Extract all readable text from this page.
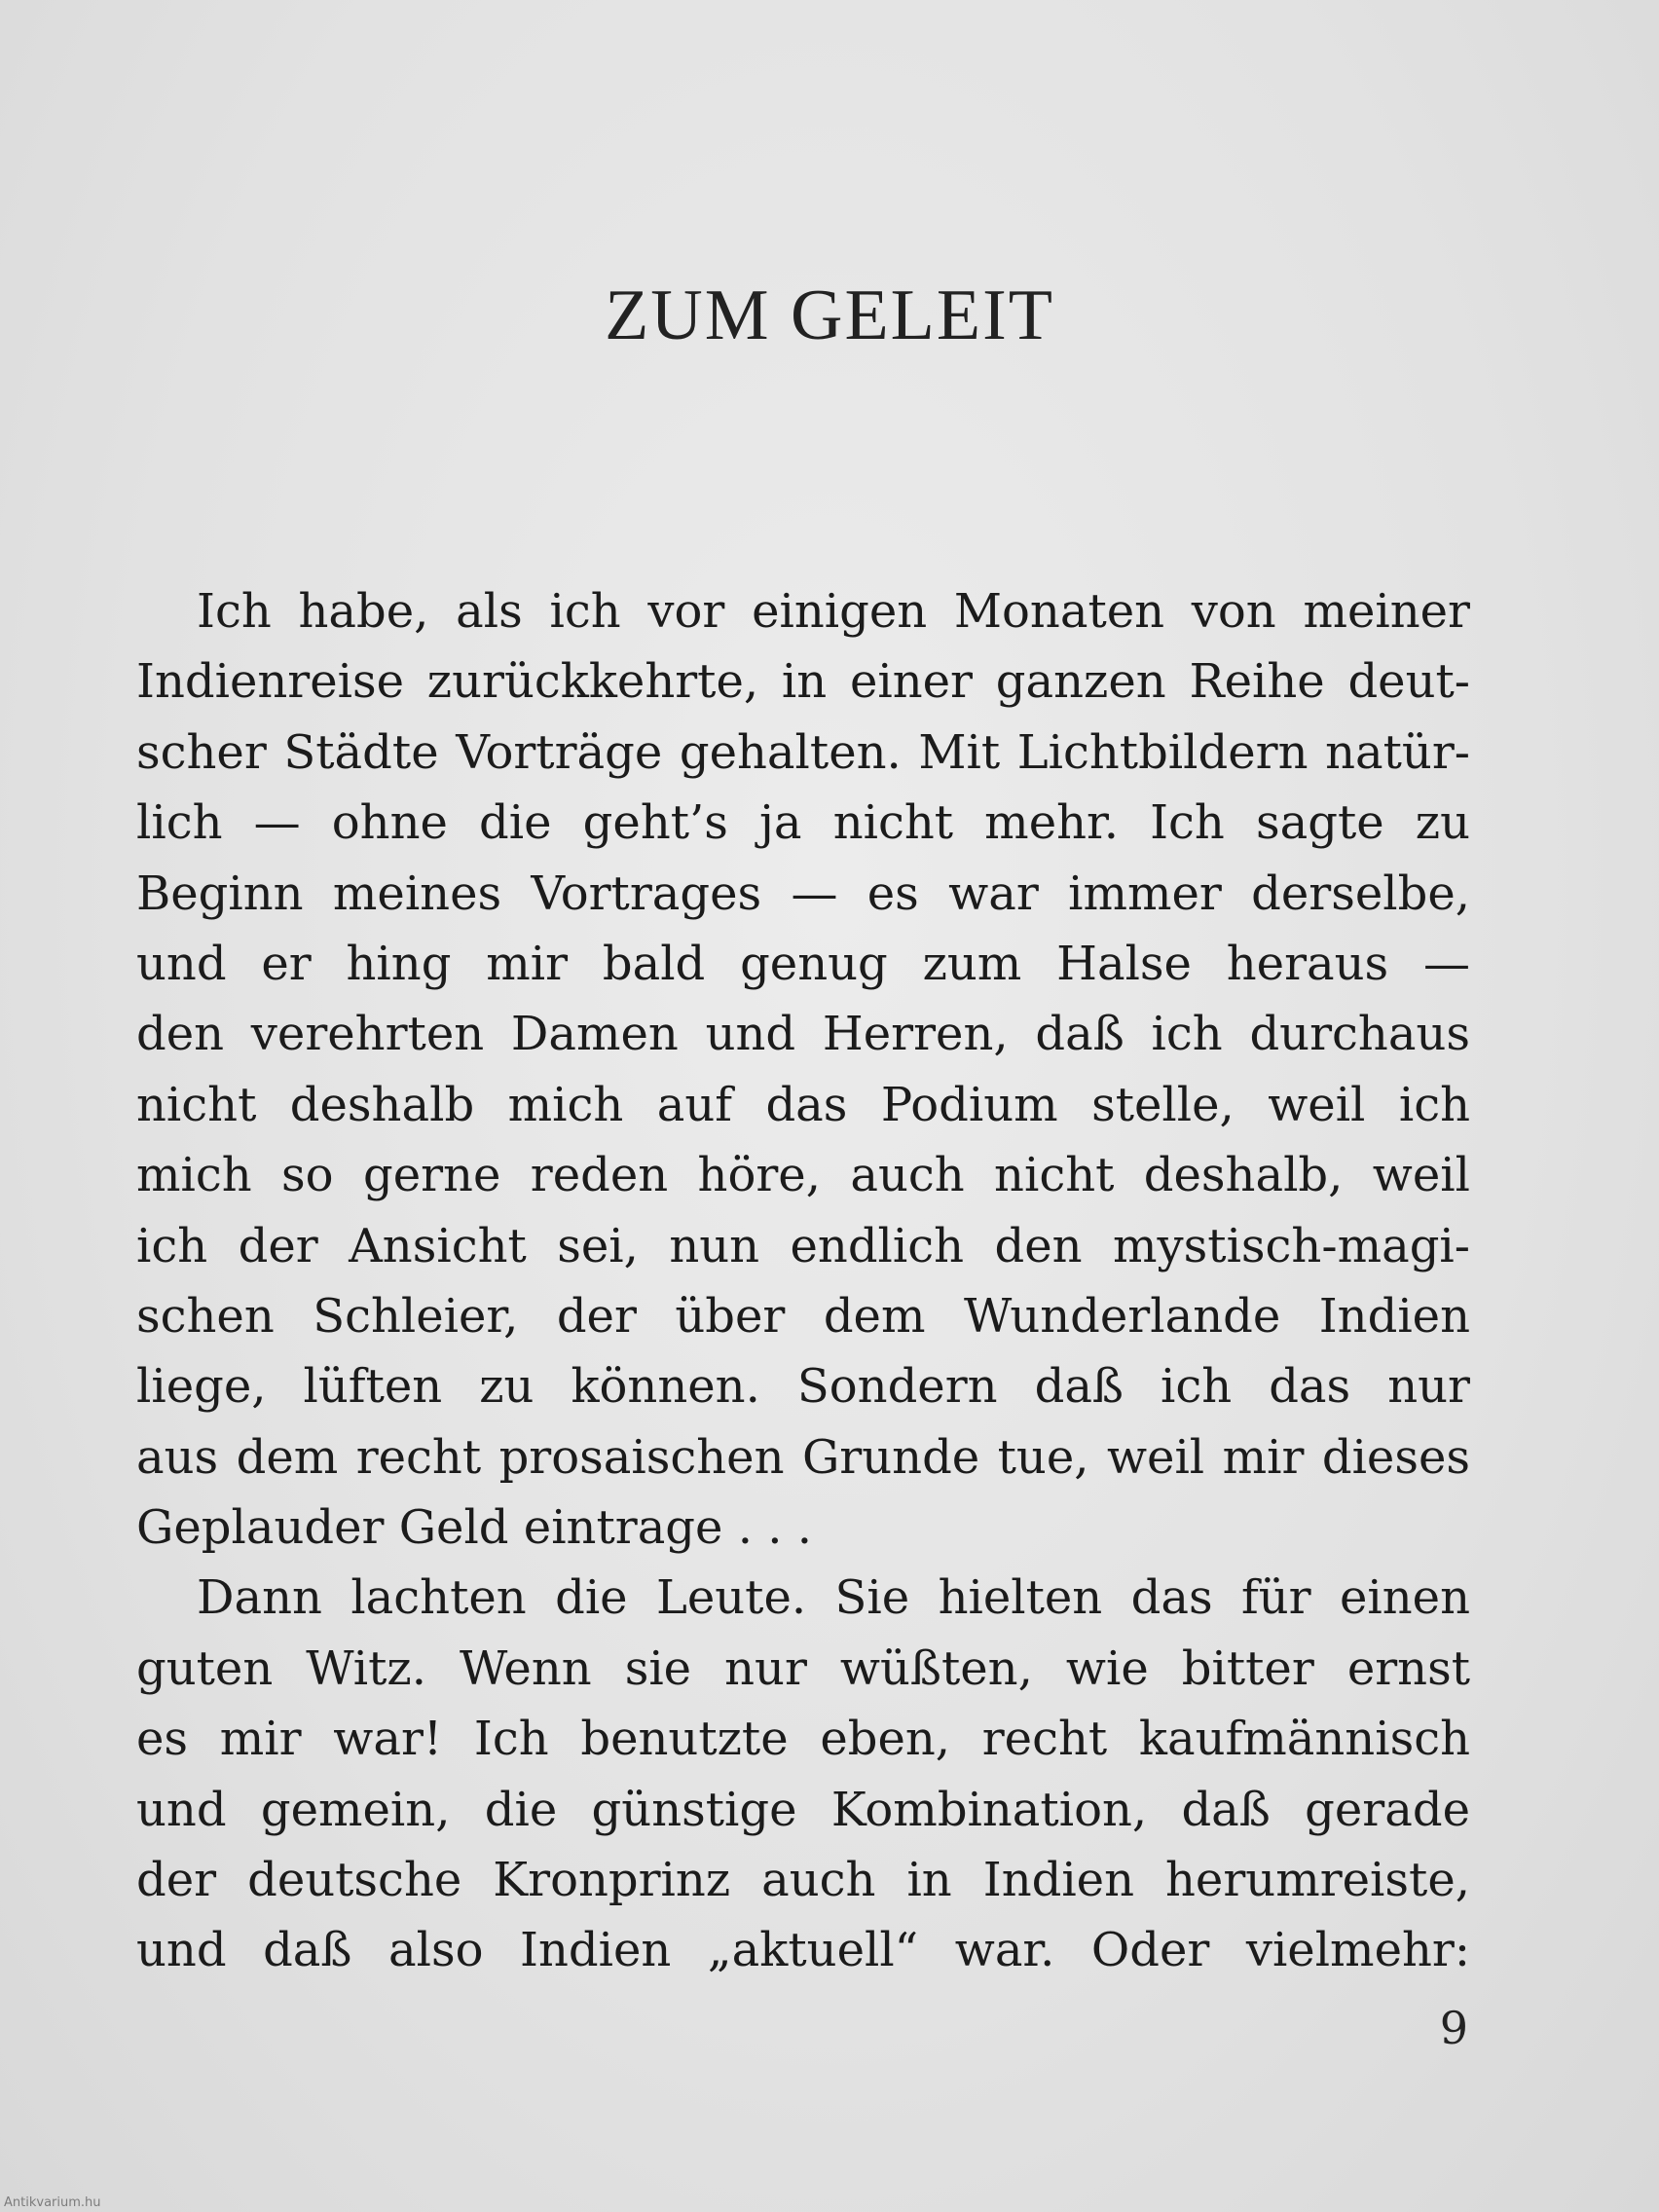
ZUM GELEIT
Ich habe, als ich vor einigen Monaten von meiner
Indienreise zurückkehrte, in einer ganzen Reihe deut-
scher Städte Vorträge gehalten. Mit Lichtbildern natür-
lich — ohne die geht’s ja nicht mehr. Ich sagte zu
Beginn meines Vortrages — es war immer derselbe,
und er hing mir bald genug zum Halse heraus —
den verehrten Damen und Herren, daß ich durchaus
nicht deshalb mich auf das Podium stelle, weil ich
mich so gerne reden höre, auch nicht deshalb, weil
ich der Ansicht sei, nun endlich den mystisch-magi-
schen Schleier, der über dem Wunderlande Indien
liege, lüften zu können. Sondern daß ich das nur
aus dem recht prosaischen Grunde tue, weil mir dieses
Geplauder Geld eintrage . . .
Dann lachten die Leute. Sie hielten das für einen
guten Witz. Wenn sie nur wüßten, wie bitter ernst
es mir war! Ich benutzte eben, recht kaufmännisch
und gemein, die günstige Kombination, daß gerade
der deutsche Kronprinz auch in Indien herumreiste,
und daß also Indien „aktuell“ war. Oder vielmehr:
9
Antikvarium.hu
